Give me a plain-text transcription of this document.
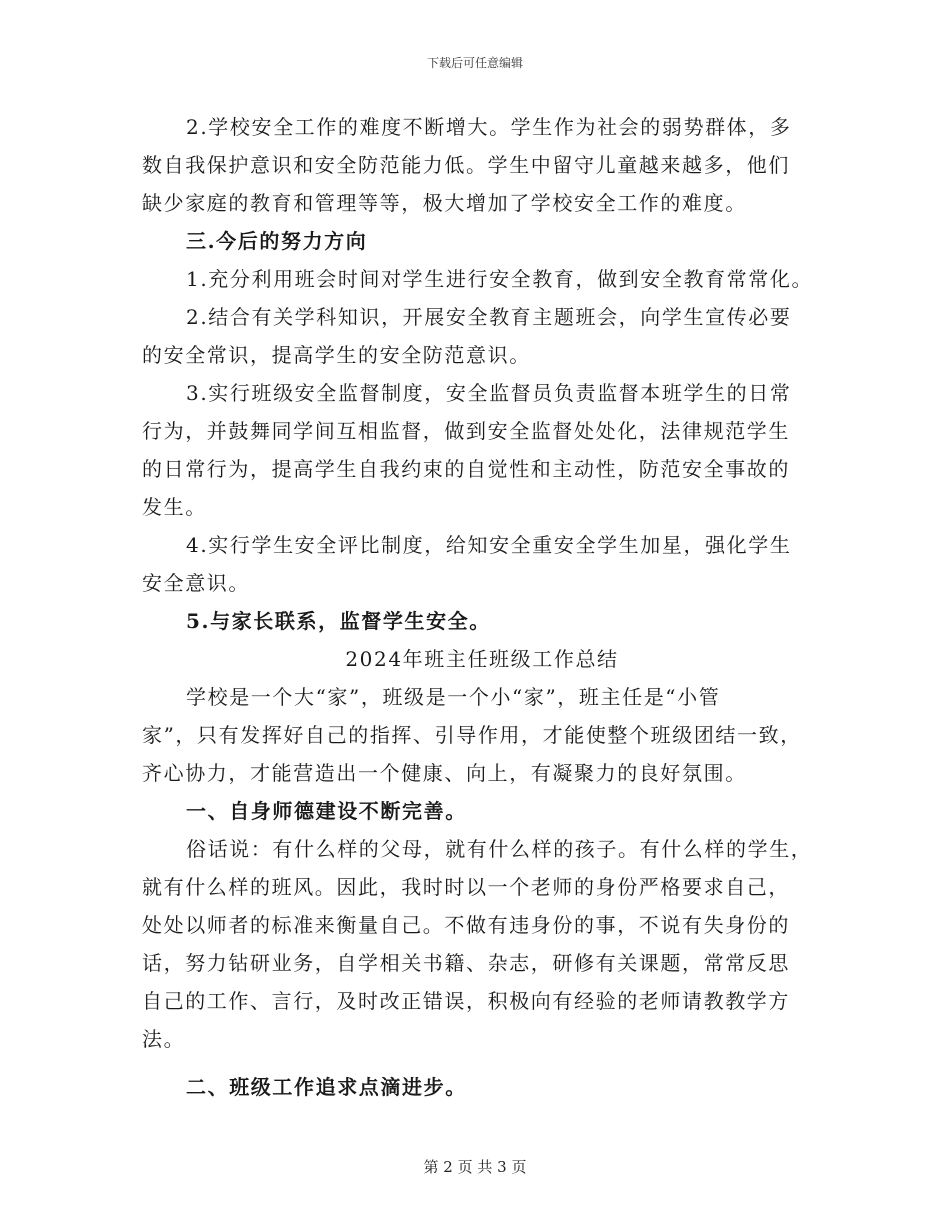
下载后可任意编辑
2.学校安全工作的难度不断增大。学生作为社会的弱势群体，多
数自我保护意识和安全防范能力低。学生中留守儿童越来越多，他们
缺少家庭的教育和管理等等，极大增加了学校安全工作的难度。
三.今后的努力方向
1.充分利用班会时间对学生进行安全教育，做到安全教育常常化。
2.结合有关学科知识，开展安全教育主题班会，向学生宣传必要
的安全常识，提高学生的安全防范意识。
3.实行班级安全监督制度，安全监督员负责监督本班学生的日常
行为，并鼓舞同学间互相监督，做到安全监督处处化，法律规范学生
的日常行为，提高学生自我约束的自觉性和主动性，防范安全事故的
发生。
4.实行学生安全评比制度，给知安全重安全学生加星，强化学生
安全意识。
5.与家长联系，监督学生安全。
2024年班主任班级工作总结
学校是一个大“家”，班级是一个小“家”，班主任是“小管
家”，只有发挥好自己的指挥、引导作用，才能使整个班级团结一致，
齐心协力，才能营造出一个健康、向上，有凝聚力的良好氛围。
一、自身师德建设不断完善。
俗话说：有什么样的父母，就有什么样的孩子。有什么样的学生，
就有什么样的班风。因此，我时时以一个老师的身份严格要求自己，
处处以师者的标准来衡量自己。不做有违身份的事，不说有失身份的
话，努力钻研业务，自学相关书籍、杂志，研修有关课题，常常反思
自己的工作、言行，及时改正错误，积极向有经验的老师请教教学方
法。
二、班级工作追求点滴进步。
第 2 页 共 3 页
